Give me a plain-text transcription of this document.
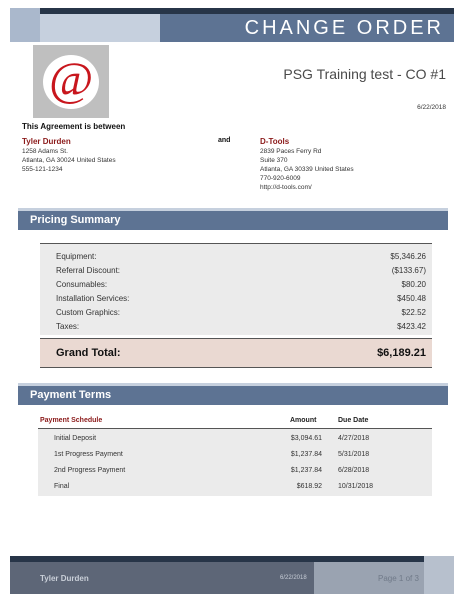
CHANGE ORDER
@	PSG Training test - CO #1
6/22/2018
This Agreement is between
Tyler Durden
1258 Adams St.
Atlanta, GA 30024 United States
555-121-1234
and	D-Tools
2839 Paces Ferry Rd
Suite 370
Atlanta, GA 30339 United States
770-920-6009
http://d-tools.com/
Pricing Summary
Equipment:	$5,346.26
Referral Discount:	($133.67)
Consumables:	$80.20
Installation Services:	$450.48
Custom Graphics:	$22.52
Taxes:	$423.42
Grand Total:	$6,189.21
Payment Terms
Payment Schedule	Amount	Due Date
Initial Deposit	$3,094.61 4/27/2018
1st Progress Payment	$1,237.84 5/31/2018
2nd Progress Payment	$1,237.84 6/28/2018
Final	$618.92 10/31/2018
Tyler Durden	6/22/2018	Page 1 of 3
